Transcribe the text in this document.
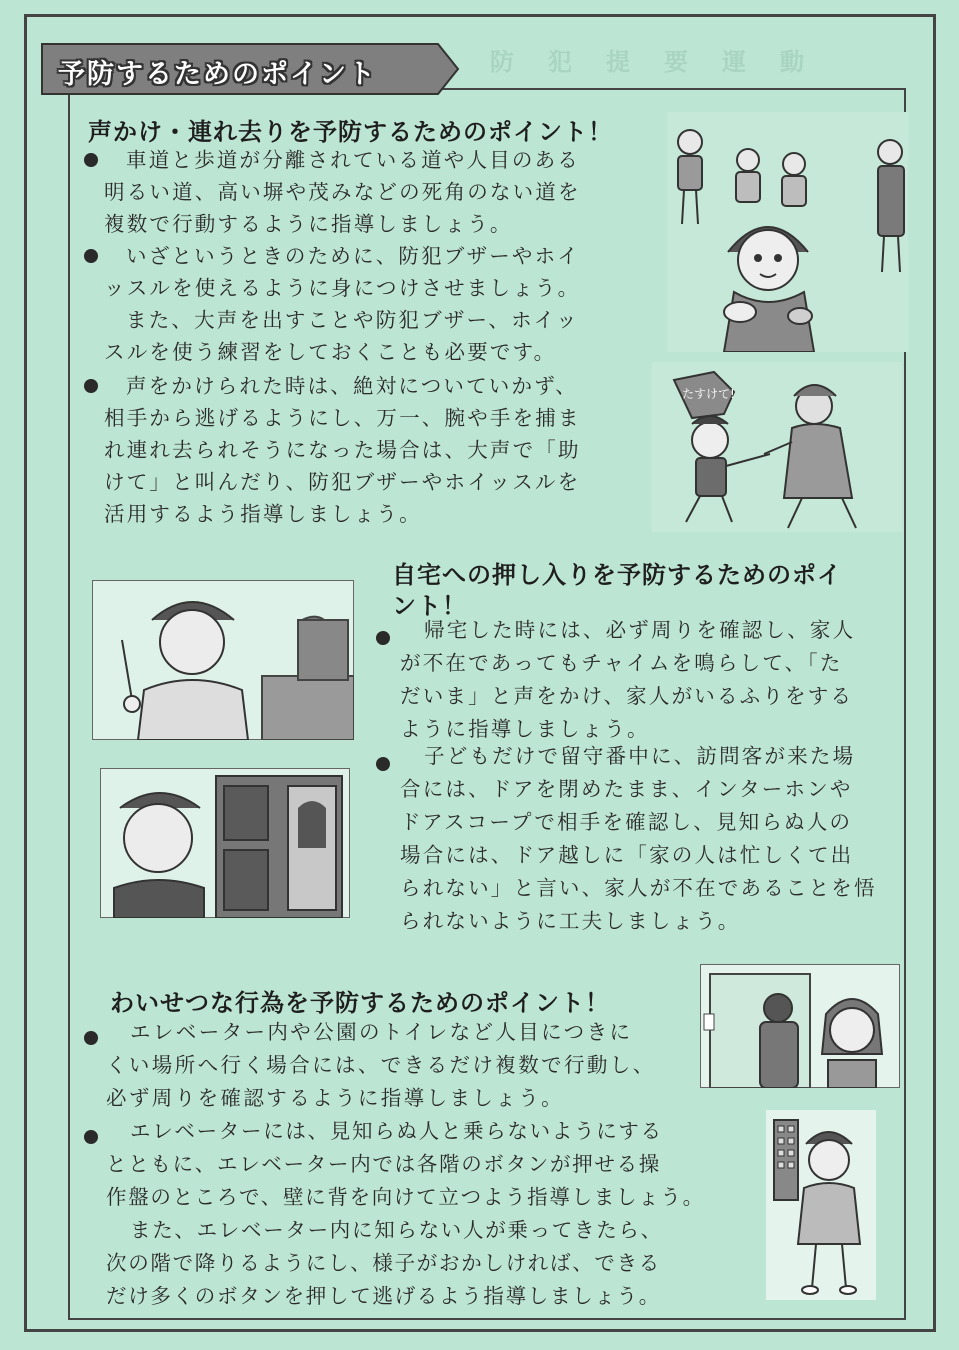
防犯提要運動
予防するためのポイント
声かけ・連れ去りを予防するためのポイント！
車道と歩道が分離されている道や人目のある
明るい道、高い塀や茂みなどの死角のない道を
複数で行動するように指導しましょう。
いざというときのために、防犯ブザーやホイ
ッスルを使えるように身につけさせましょう。
また、大声を出すことや防犯ブザー、ホイッ
スルを使う練習をしておくことも必要です。
声をかけられた時は、絶対についていかず、
相手から逃げるようにし、万一、腕や手を捕ま
れ連れ去られそうになった場合は、大声で「助
けて」と叫んだり、防犯ブザーやホイッスルを
活用するよう指導しましょう。
たすけて!
自宅への押し入りを予防するためのポイ
ント！
帰宅した時には、必ず周りを確認し、家人
が不在であってもチャイムを鳴らして、「た
だいま」と声をかけ、家人がいるふりをする
ように指導しましょう。
子どもだけで留守番中に、訪問客が来た場
合には、ドアを閉めたまま、インターホンや
ドアスコープで相手を確認し、見知らぬ人の
場合には、ドア越しに「家の人は忙しくて出
られない」と言い、家人が不在であることを悟
られないように工夫しましょう。
わいせつな行為を予防するためのポイント！
エレベーター内や公園のトイレなど人目につきに
くい場所へ行く場合には、できるだけ複数で行動し、
必ず周りを確認するように指導しましょう。
エレベーターには、見知らぬ人と乗らないようにする
とともに、エレベーター内では各階のボタンが押せる操
作盤のところで、壁に背を向けて立つよう指導しましょう。
また、エレベーター内に知らない人が乗ってきたら、
次の階で降りるようにし、様子がおかしければ、できる
だけ多くのボタンを押して逃げるよう指導しましょう。
